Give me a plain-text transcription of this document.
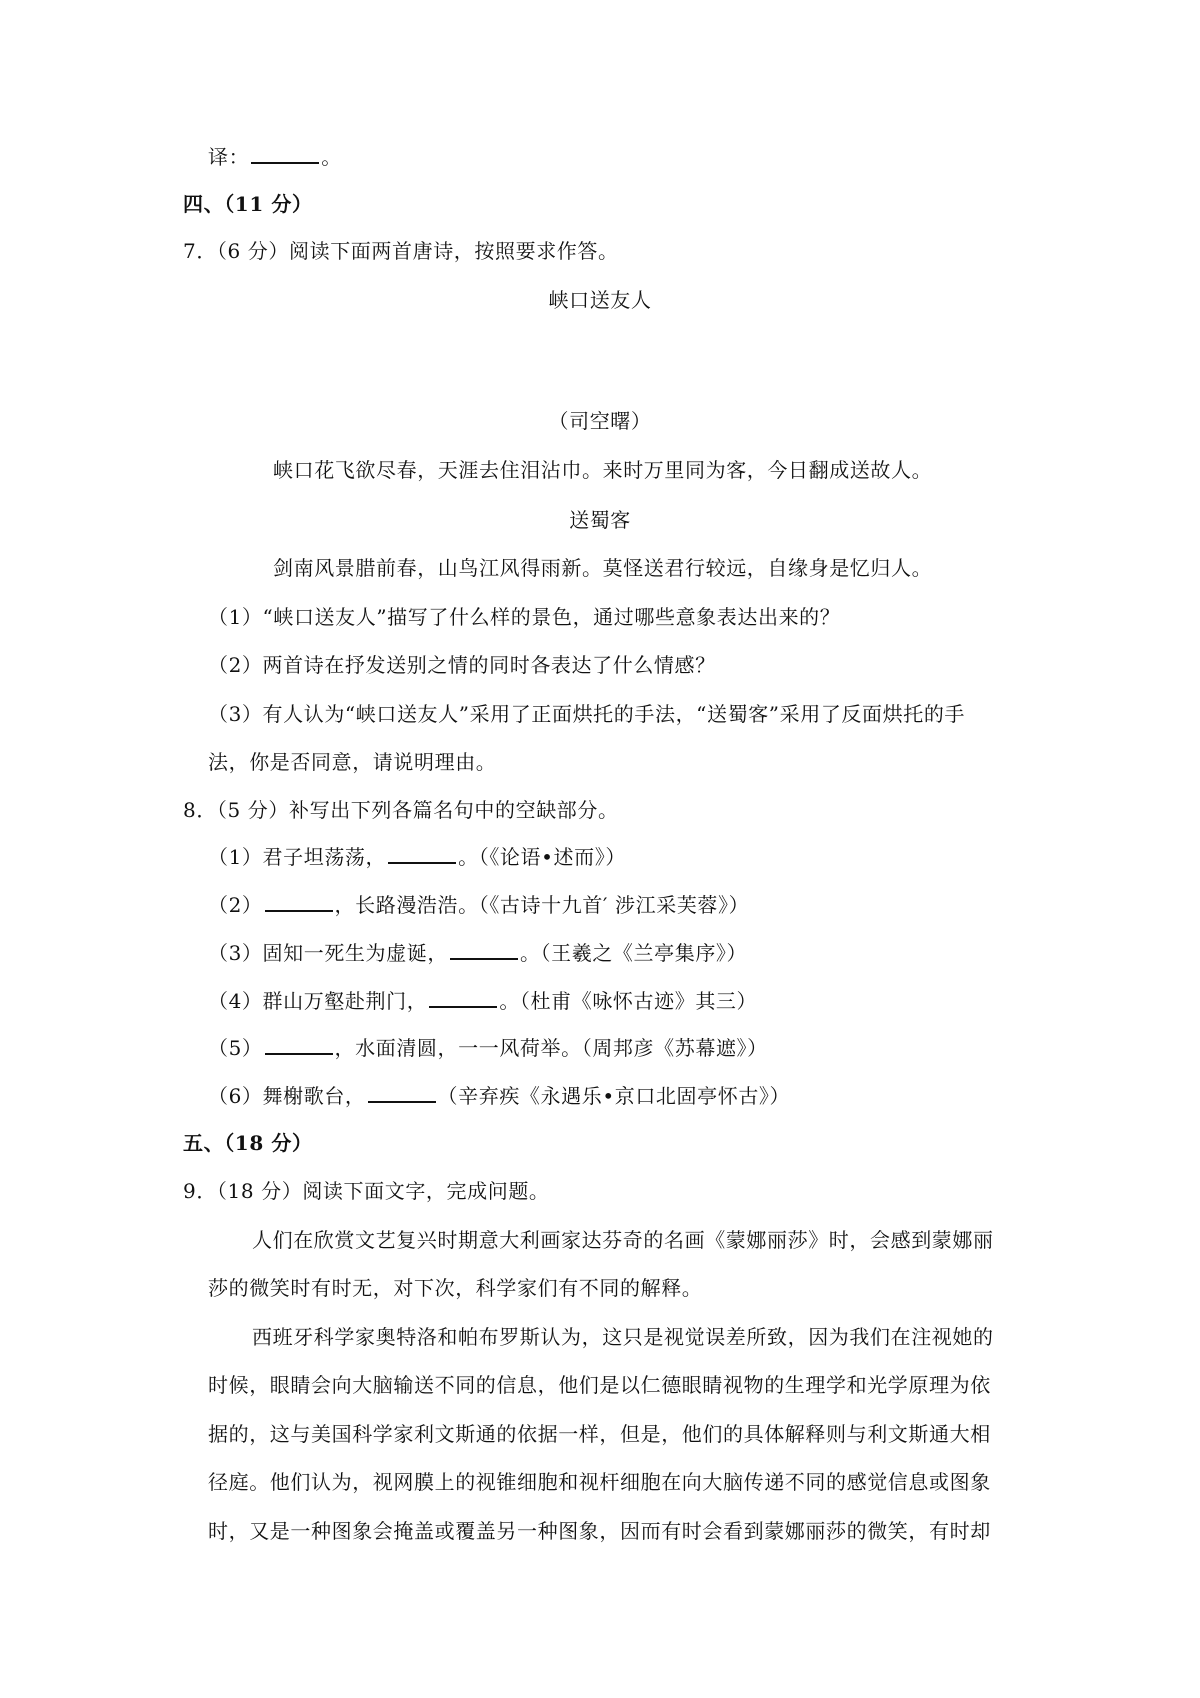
译：	。
四、（11 分）
7．（6 分）阅读下面两首唐诗，按照要求作答。
峡口送友人
（司空曙）
峡口花飞欲尽春，天涯去住泪沾巾。来时万里同为客，今日翻成送故人。
送蜀客
剑南风景腊前春，山鸟江风得雨新。莫怪送君行较远，自缘身是忆归人。
（1）“峡口送友人”描写了什么样的景色，通过哪些意象表达出来的？
（2）两首诗在抒发送别之情的同时各表达了什么情感？
（3）有人认为“峡口送友人”采用了正面烘托的手法，“送蜀客”采用了反面烘托的手
法，你是否同意，请说明理由。
8．（5 分）补写出下列各篇名句中的空缺部分。
（1）君子坦荡荡，	。（《论语•述而》）
（2）	，长路漫浩浩。（《古诗十九首′ 涉江采芙蓉》）
（3）固知一死生为虚诞，	。（王羲之《兰亭集序》）
（4）群山万壑赴荆门，	。（杜甫《咏怀古迹》其三）
（5）	，水面清圆，一一风荷举。（周邦彦《苏幕遮》）
（6）舞榭歌台，	（辛弃疾《永遇乐•京口北固亭怀古》）
五、（18 分）
9．（18 分）阅读下面文字，完成问题。
人们在欣赏文艺复兴时期意大利画家达芬奇的名画《蒙娜丽莎》时，会感到蒙娜丽
莎的微笑时有时无，对下次，科学家们有不同的解释。
西班牙科学家奥特洛和帕布罗斯认为，这只是视觉误差所致，因为我们在注视她的
时候，眼睛会向大脑输送不同的信息，他们是以仁德眼睛视物的生理学和光学原理为依
据的，这与美国科学家利文斯通的依据一样，但是，他们的具体解释则与利文斯通大相
径庭。他们认为，视网膜上的视锥细胞和视杆细胞在向大脑传递不同的感觉信息或图象
时，又是一种图象会掩盖或覆盖另一种图象，因而有时会看到蒙娜丽莎的微笑，有时却
